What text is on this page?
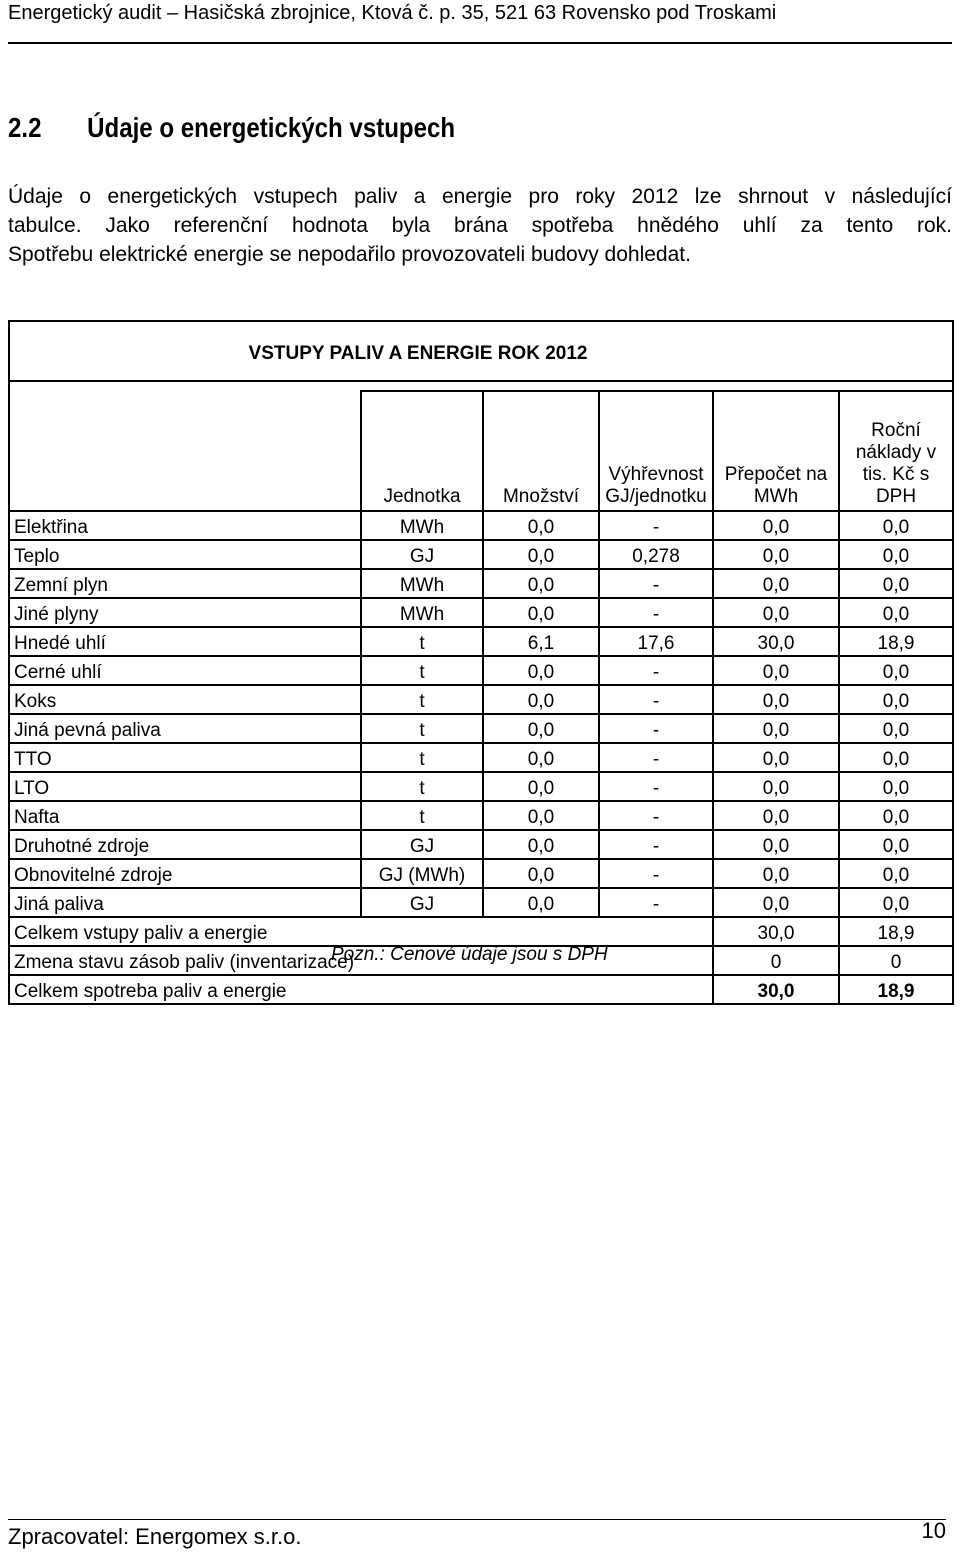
Energetický audit – Hasičská zbrojnice, Ktová č. p. 35, 521 63 Rovensko pod Troskami
2.2 Údaje o energetických vstupech

Údaje o energetických vstupech paliv a energie pro roky 2012 lze shrnout v následující

tabulce. Jako referenční hodnota byla brána spotřeba hnědého uhlí za tento rok.

Spotřebu elektrické energie se nepodařilo provozovateli budovy dohledat.

VSTUPY PALIV A ENERGIE ROK 2012					

	Jednotka	Množství	Výhřevnost GJ/jednotku	Přepočet na MWh	Roční náklady v tis. Kč s DPH
Elektřina	MWh	0,0	-	0,0	0,0
Teplo	GJ	0,0	0,278	0,0	0,0
Zemní plyn	MWh	0,0	-	0,0	0,0
Jiné plyny	MWh	0,0	-	0,0	0,0
Hnedé uhlí	t	6,1	17,6	30,0	18,9
Cerné uhlí	t	0,0	-	0,0	0,0
Koks	t	0,0	-	0,0	0,0
Jiná pevná paliva	t	0,0	-	0,0	0,0
TTO	t	0,0	-	0,0	0,0
LTO	t	0,0	-	0,0	0,0
Nafta	t	0,0	-	0,0	0,0
Druhotné zdroje	GJ	0,0	-	0,0	0,0
Obnovitelné zdroje	GJ (MWh)	0,0	-	0,0	0,0
Jiná paliva	GJ	0,0	-	0,0	0,0
Celkem vstupy paliv a energie				30,0	18,9
Zmena stavu zásob paliv (inventarizace)				0	0
Celkem spotreba paliv a energie				30,0	18,9
Pozn.: Cenové údaje jsou s DPH
Zpracovatel: Energomex s.r.o.	10
